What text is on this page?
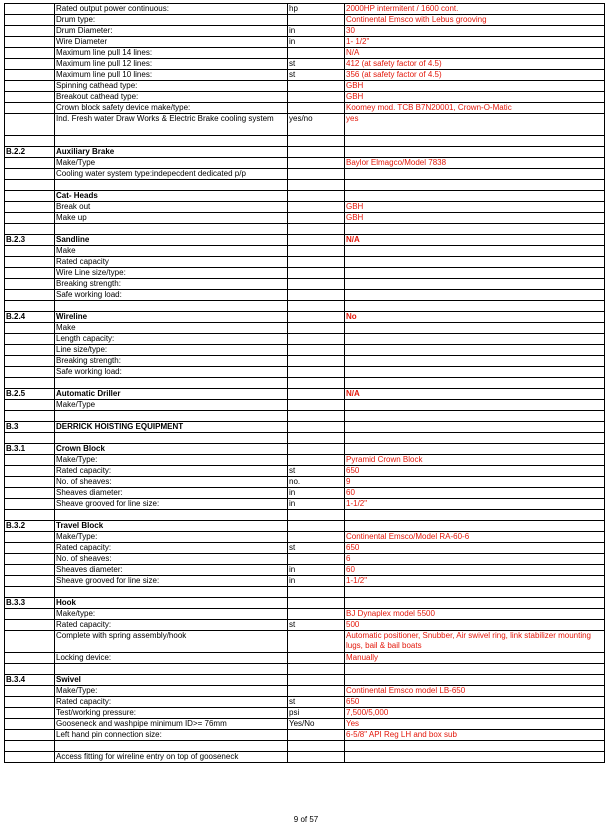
	Rated output power continuous:	hp	2000HP intermitent / 1600 cont.
	Drum type:		Continental Emsco with Lebus grooving
	Drum Diameter:	in	30
	Wire Diameter	in	1- 1/2"
	Maximum line pull 14 lines:		N/A
	Maximum line pull 12 lines:	st	412 (at safety factor of 4.5)
	Maximum line pull 10 lines:	st	356 (at safety factor of 4.5)
	Spinning cathead type:		GBH
	Breakout cathead type:		GBH
	Crown block safety device make/type:		Koomey mod. TCB B7N20001, Crown-O-Matic
	Ind. Fresh water Draw Works & Electric Brake cooling system	yes/no	yes

B.2.2	Auxiliary Brake		
	Make/Type		Baylor Elmagco/Model 7838
	Cooling water system type:indepecdent dedicated p/p		

	Cat- Heads		
	Break out		GBH
	Make up		GBH

B.2.3	Sandline		N/A
	Make		
	Rated capacity		
	Wire Line size/type:		
	Breaking strength:		
	Safe working load:		

B.2.4	Wireline		No
	Make		
	Length capacity:		
	Line size/type:		
	Breaking strength:		
	Safe working load:		

B.2.5	Automatic Driller		N/A
	Make/Type		

B.3	DERRICK HOISTING EQUIPMENT		

B.3.1	Crown Block		
	Make/Type:		Pyramid Crown Block
	Rated capacity:	st	650
	No. of sheaves:	no.	9
	Sheaves diameter:	in	60
	Sheave grooved for line size:	in	1-1/2"

B.3.2	Travel Block		
	Make/Type:		Continental Emsco/Model RA-60-6
	Rated capacity:	st	650
	No. of sheaves:		6
	Sheaves diameter:	in	60
	Sheave grooved for line size:	in	1-1/2"

B.3.3	Hook		
	Make/type:		BJ Dynaplex model 5500
	Rated capacity:	st	500
	Complete with spring assembly/hook		Automatic positioner, Snubber, Air swivel ring, link stabilizer mounting lugs, bail & bail boats
	Locking device:		Manually

B.3.4	Swivel		
	Make/Type:		Continental Emsco model LB-650
	Rated capacity:	st	650
	Test/working pressure:	psi	7,500/5,000
	Gooseneck and washpipe minimum ID>= 76mm	Yes/No	Yes
	Left hand pin connection size:		6-5/8" API Reg LH and box sub

	Access fitting for wireline entry on top of gooseneck		
9 of 57
